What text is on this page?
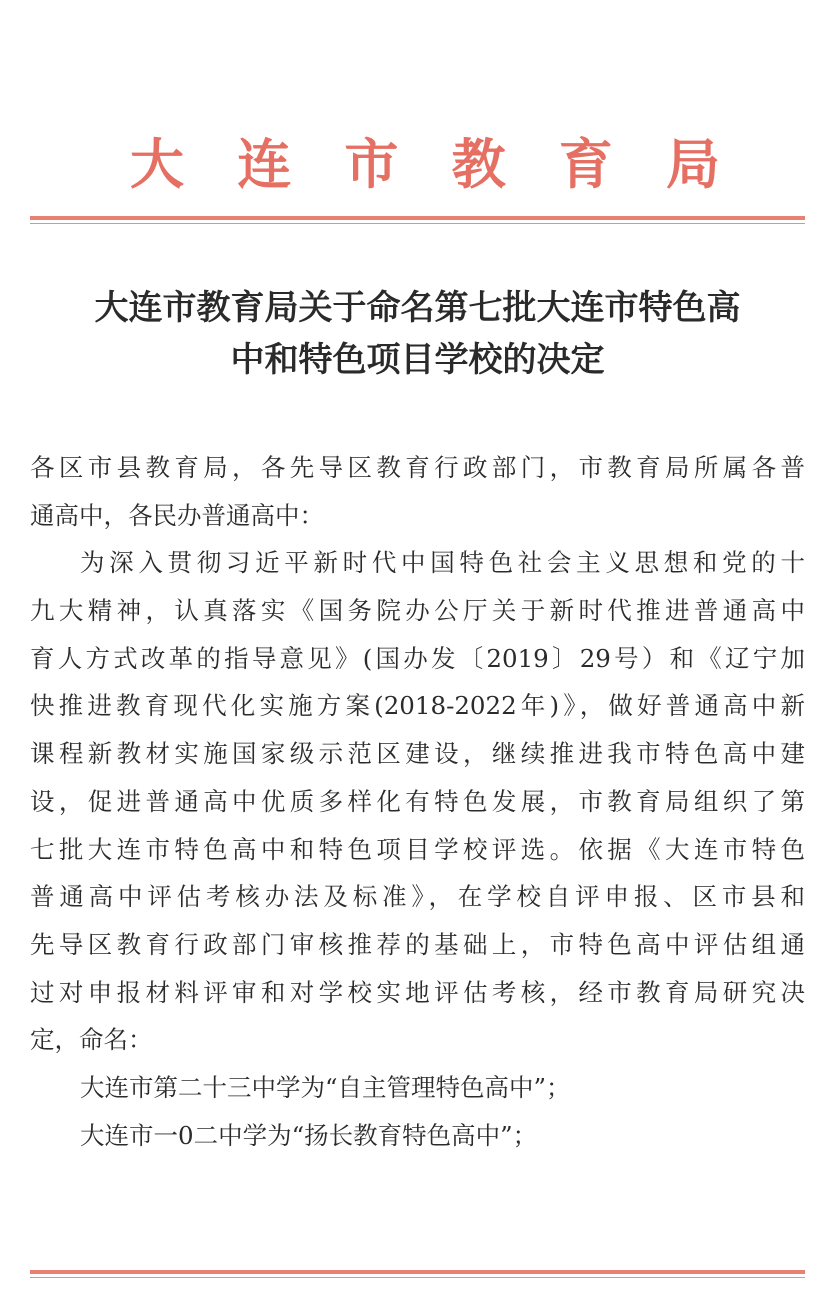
大 连 市 教 育 局
大连市教育局关于命名第七批大连市特色高
中和特色项目学校的决定
各区市县教育局，各先导区教育行政部门，市教育局所属各普
通高中，各民办普通高中：
为深入贯彻习近平新时代中国特色社会主义思想和党的十
九大精神，认真落实《国务院办公厅关于新时代推进普通高中
育人方式改革的指导意见》(国办发〔2019〕29号）和《辽宁加
快推进教育现代化实施方案(2018-2022年)》，做好普通高中新
课程新教材实施国家级示范区建设，继续推进我市特色高中建
设，促进普通高中优质多样化有特色发展，市教育局组织了第
七批大连市特色高中和特色项目学校评选。依据《大连市特色
普通高中评估考核办法及标准》，在学校自评申报、区市县和
先导区教育行政部门审核推荐的基础上，市特色高中评估组通
过对申报材料评审和对学校实地评估考核，经市教育局研究决
定，命名：
大连市第二十三中学为“自主管理特色高中”；
大连市一0二中学为“扬长教育特色高中”；
